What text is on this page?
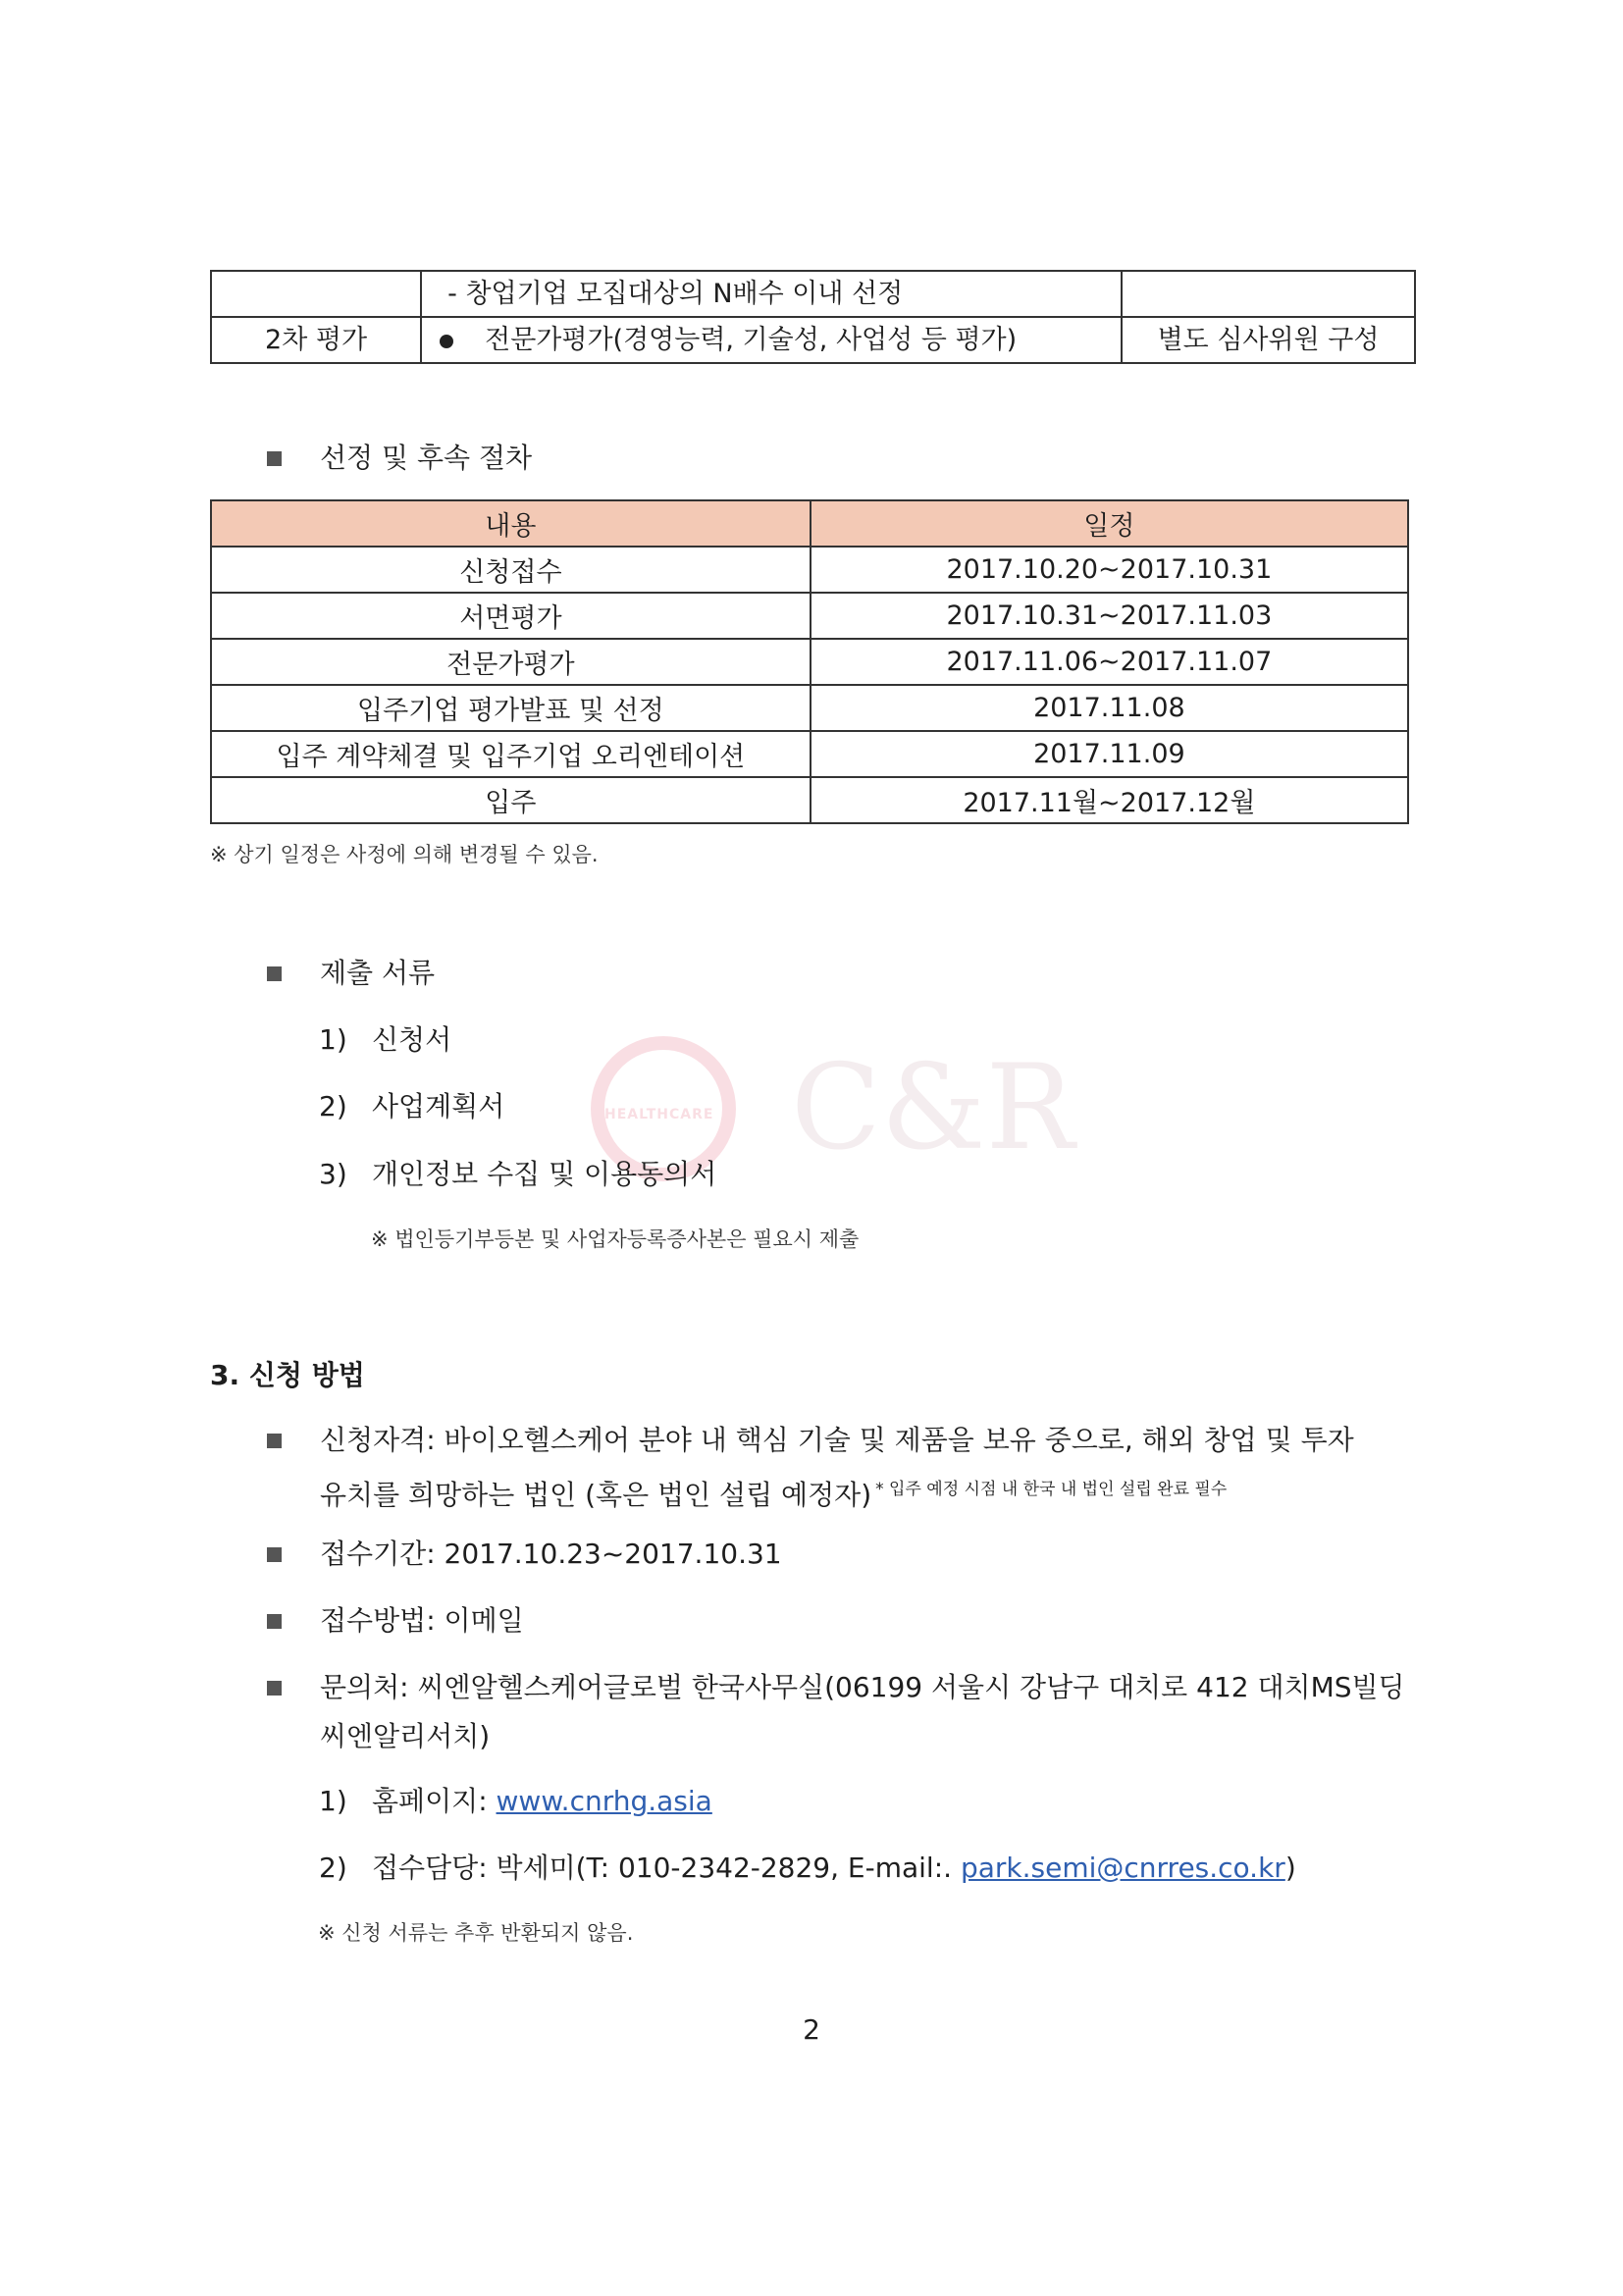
	- 창업기업 모집대상의 N배수 이내 선정	
2차 평가	전문가평가(경영능력, 기술성, 사업성 등 평가)	별도 심사위원 구성
선정 및 후속 절차
내용	일정
신청접수	2017.10.20~2017.10.31
서면평가	2017.10.31~2017.11.03
전문가평가	2017.11.06~2017.11.07
입주기업 평가발표 및 선정	2017.11.08
입주 계약체결 및 입주기업 오리엔테이션	2017.11.09
입주	2017.11월~2017.12월
※ 상기 일정은 사정에 의해 변경될 수 있음.
HEALTHCARE C&R
제출 서류
1) 신청서
2) 사업계획서
3) 개인정보 수집 및 이용동의서
※ 법인등기부등본 및 사업자등록증사본은 필요시 제출
3. 신청 방법
신청자격: 바이오헬스케어 분야 내 핵심 기술 및 제품을 보유 중으로, 해외 창업 및 투자
유치를 희망하는 법인 (혹은 법인 설립 예정자) $^{* 입주 예정 시점 내 한국 내 법인 설립 완료 필수}$
접수기간: 2017.10.23~2017.10.31
접수방법: 이메일
문의처: 씨엔알헬스케어글로벌 한국사무실(06199 서울시 강남구 대치로 412 대치MS빌딩
씨엔알리서치)
1) 홈페이지: www.cnrhg.asia
2) 접수담당: 박세미(T: 010-2342-2829, E-mail:. park.semi@cnrres.co.kr)
※ 신청 서류는 추후 반환되지 않음.
2
